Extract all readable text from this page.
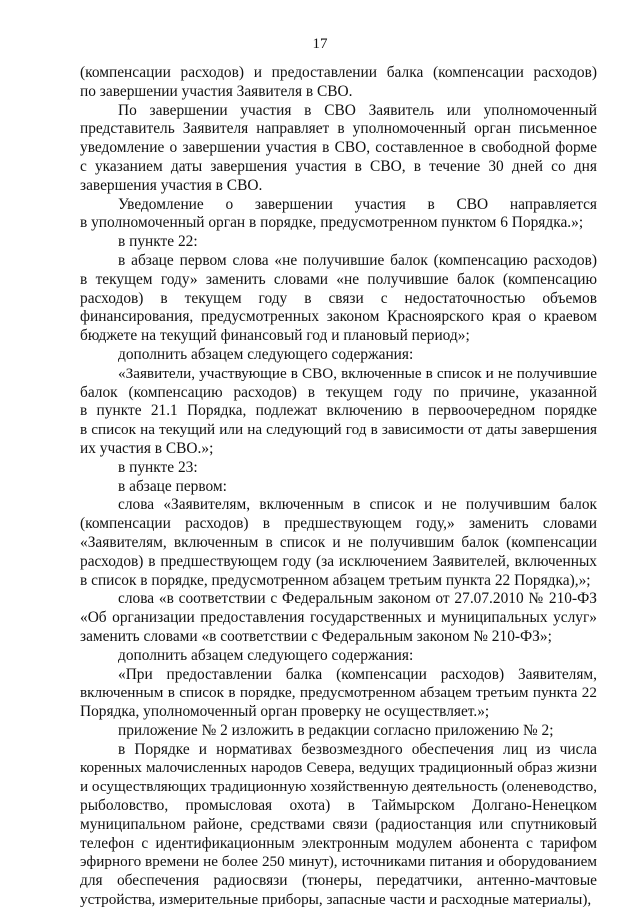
17
(компенсации расходов) и предоставлении балка (компенсации расходов)
по завершении участия Заявителя в СВО.
По завершении участия в СВО Заявитель или уполномоченный
представитель Заявителя направляет в уполномоченный орган письменное
уведомление о завершении участия в СВО, составленное в свободной форме
с указанием даты завершения участия в СВО, в течение 30 дней со дня
завершения участия в СВО.
Уведомление о завершении участия в СВО направляется
в уполномоченный орган в порядке, предусмотренном пунктом 6 Порядка.»;
в пункте 22:
в абзаце первом слова «не получившие балок (компенсацию расходов)
в текущем году» заменить словами «не получившие балок (компенсацию
расходов) в текущем году в связи с недостаточностью объемов
финансирования, предусмотренных законом Красноярского края о краевом
бюджете на текущий финансовый год и плановый период»;
дополнить абзацем следующего содержания:
«Заявители, участвующие в СВО, включенные в список и не получившие
балок (компенсацию расходов) в текущем году по причине, указанной
в пункте 21.1 Порядка, подлежат включению в первоочередном порядке
в список на текущий или на следующий год в зависимости от даты завершения
их участия в СВО.»;
в пункте 23:
в абзаце первом:
слова «Заявителям, включенным в список и не получившим балок
(компенсации расходов) в предшествующем году,» заменить словами
«Заявителям, включенным в список и не получившим балок (компенсации
расходов) в предшествующем году (за исключением Заявителей, включенных
в список в порядке, предусмотренном абзацем третьим пункта 22 Порядка),»;
слова «в соответствии с Федеральным законом от 27.07.2010 № 210-ФЗ
«Об организации предоставления государственных и муниципальных услуг»
заменить словами «в соответствии с Федеральным законом № 210-ФЗ»;
дополнить абзацем следующего содержания:
«При предоставлении балка (компенсации расходов) Заявителям,
включенным в список в порядке, предусмотренном абзацем третьим пункта 22
Порядка, уполномоченный орган проверку не осуществляет.»;
приложение № 2 изложить в редакции согласно приложению № 2;
в Порядке и нормативах безвозмездного обеспечения лиц из числа
коренных малочисленных народов Севера, ведущих традиционный образ жизни
и осуществляющих традиционную хозяйственную деятельность (оленеводство,
рыболовство, промысловая охота) в Таймырском Долгано-Ненецком
муниципальном районе, средствами связи (радиостанция или спутниковый
телефон с идентификационным электронным модулем абонента с тарифом
эфирного времени не более 250 минут), источниками питания и оборудованием
для обеспечения радиосвязи (тюнеры, передатчики, антенно-мачтовые
устройства, измерительные приборы, запасные части и расходные материалы),
